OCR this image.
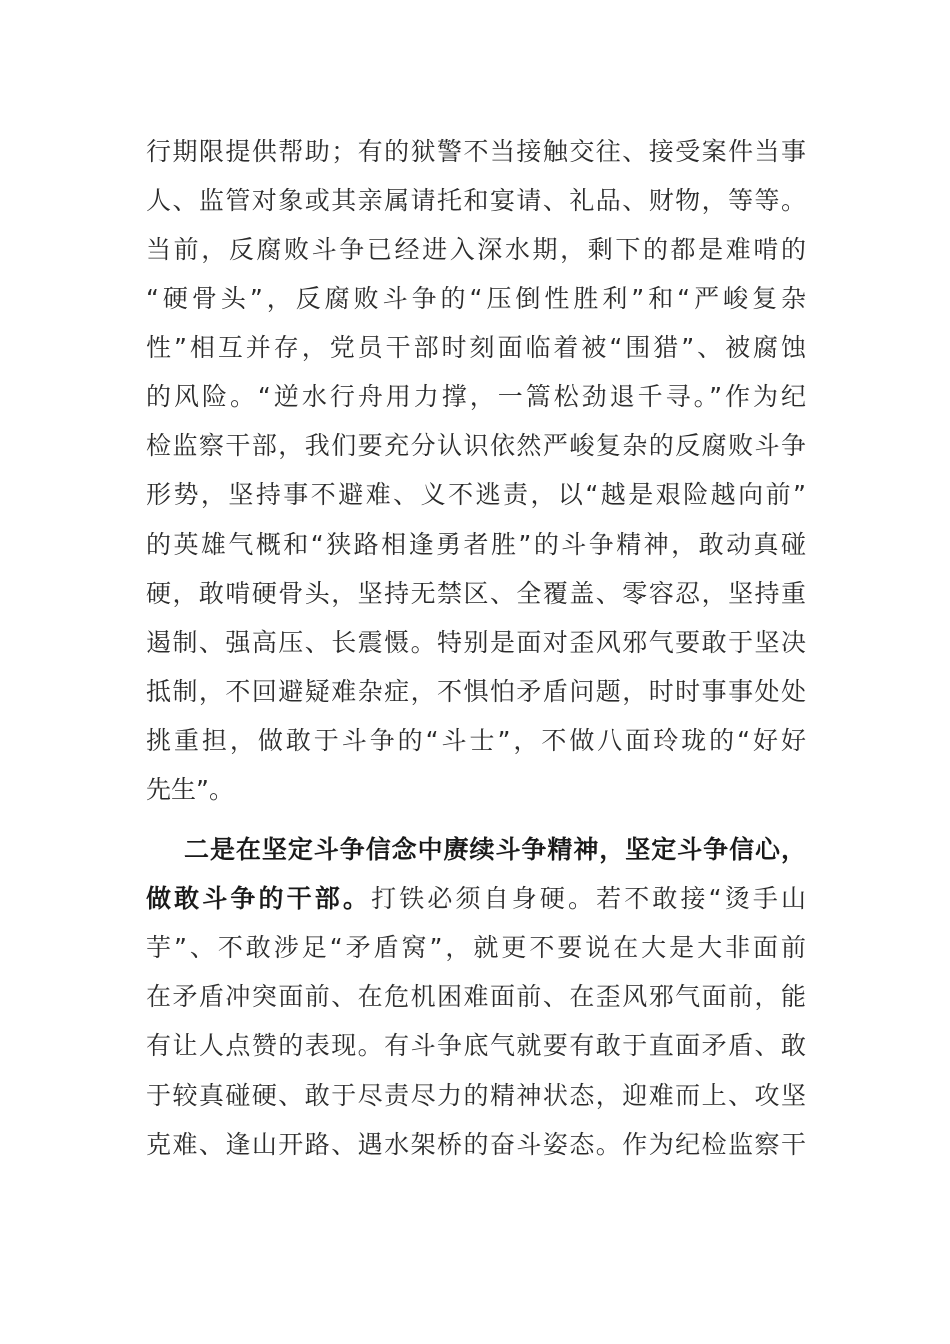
行期限提供帮助；有的狱警不当接触交往、接受案件当事
人、监管对象或其亲属请托和宴请、礼品、财物，等等。
当前，反腐败斗争已经进入深水期，剩下的都是难啃的
“硬骨头”，反腐败斗争的“压倒性胜利”和“严峻复杂
性”相互并存，党员干部时刻面临着被“围猎”、被腐蚀
的风险。“逆水行舟用力撑，一篙松劲退千寻。”作为纪
检监察干部，我们要充分认识依然严峻复杂的反腐败斗争
形势，坚持事不避难、义不逃责，以“越是艰险越向前”
的英雄气概和“狭路相逢勇者胜”的斗争精神，敢动真碰
硬，敢啃硬骨头，坚持无禁区、全覆盖、零容忍，坚持重
遏制、强高压、长震慑。特别是面对歪风邪气要敢于坚决
抵制，不回避疑难杂症，不惧怕矛盾问题，时时事事处处
挑重担，做敢于斗争的“斗士”，不做八面玲珑的“好好
先生”。
二是在坚定斗争信念中赓续斗争精神，坚定斗争信心，
做敢斗争的干部。打铁必须自身硬。若不敢接“烫手山
芋”、不敢涉足“矛盾窝”，就更不要说在大是大非面前
在矛盾冲突面前、在危机困难面前、在歪风邪气面前，能
有让人点赞的表现。有斗争底气就要有敢于直面矛盾、敢
于较真碰硬、敢于尽责尽力的精神状态，迎难而上、攻坚
克难、逢山开路、遇水架桥的奋斗姿态。作为纪检监察干
